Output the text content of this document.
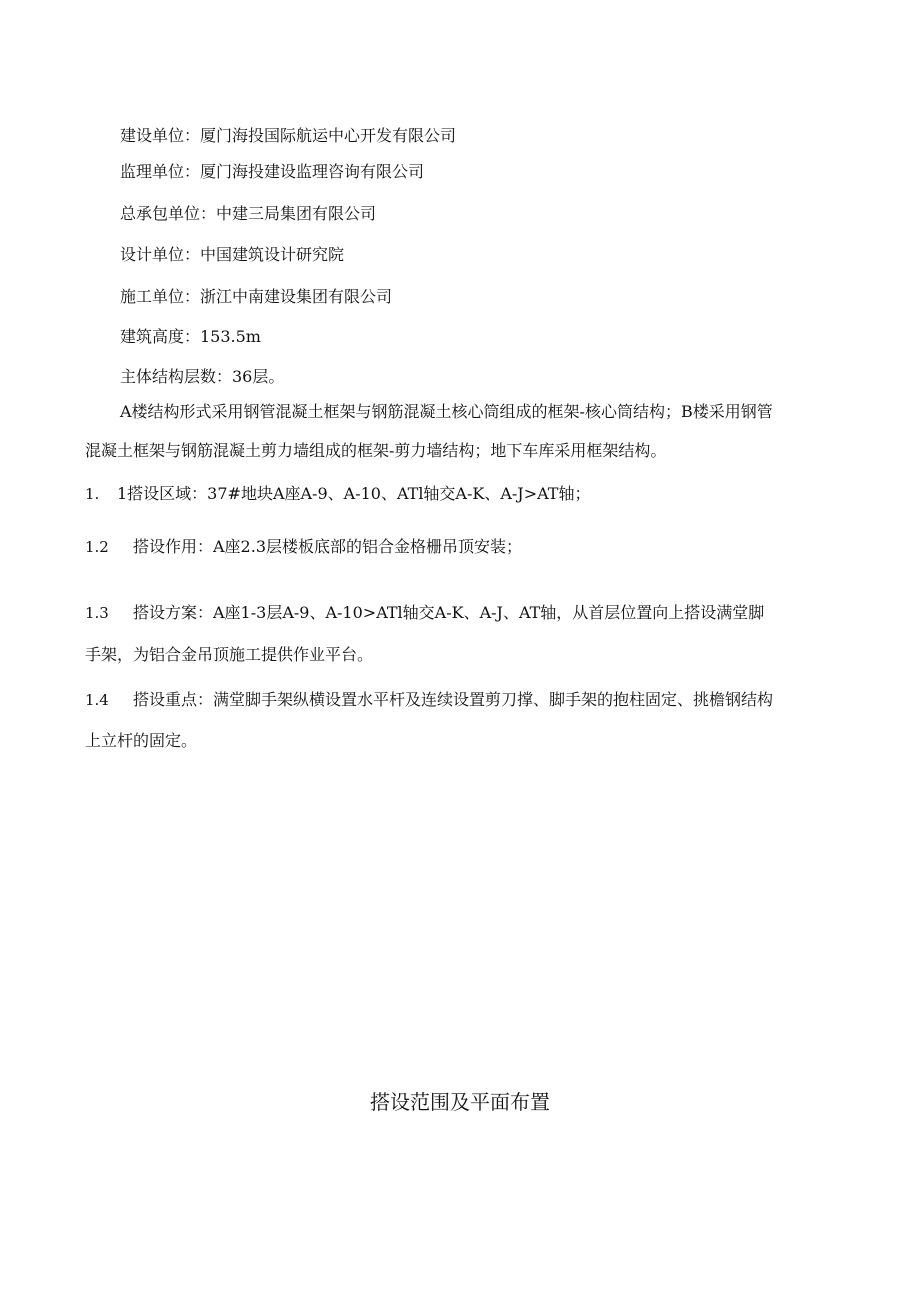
建设单位：厦门海投国际航运中心开发有限公司
监理单位：厦门海投建设监理咨询有限公司
总承包单位：中建三局集团有限公司
设计单位：中国建筑设计研究院
施工单位：浙江中南建设集团有限公司
建筑高度：153.5m
主体结构层数：36层。
A楼结构形式采用钢管混凝土框架与钢筋混凝土核心筒组成的框架-核心筒结构；B楼采用钢管
混凝土框架与钢筋混凝土剪力墙组成的框架-剪力墙结构；地下车库采用框架结构。
1. 1搭设区域：37#地块A座A-9、A-10、ATl轴交A-K、A-J>AT轴；
1.2 搭设作用：A座2.3层楼板底部的铝合金格栅吊顶安装；
1.3 搭设方案：A座1-3层A-9、A-10>ATl轴交A-K、A-J、AT轴，从首层位置向上搭设满堂脚
手架，为铝合金吊顶施工提供作业平台。
1.4 搭设重点：满堂脚手架纵横设置水平杆及连续设置剪刀撑、脚手架的抱柱固定、挑檐钢结构
上立杆的固定。
搭设范围及平面布置
